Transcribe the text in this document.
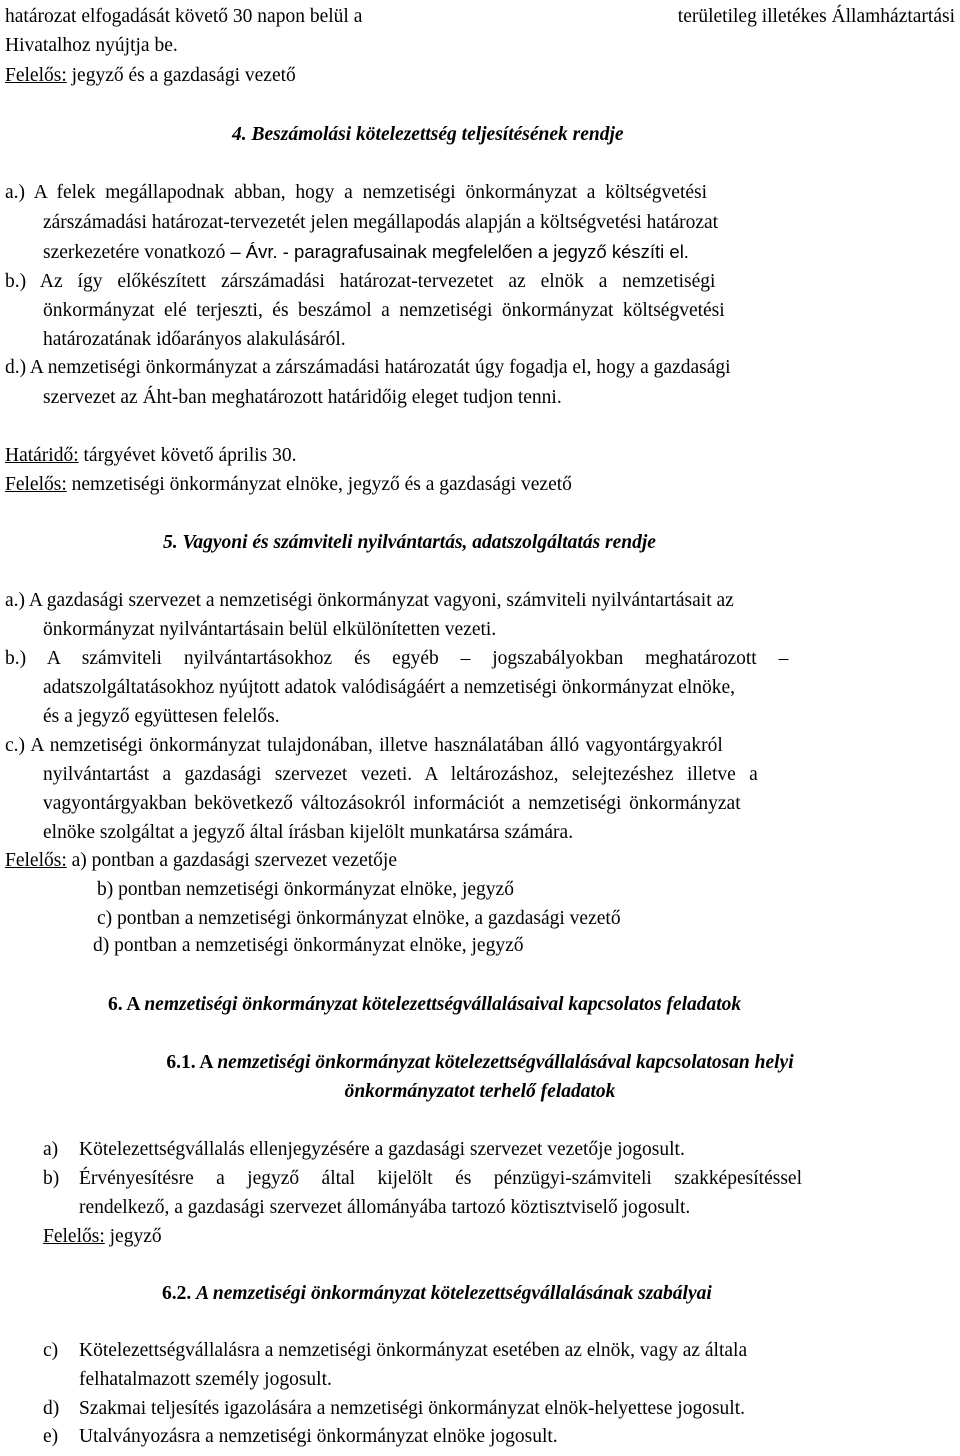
határozat elfogadását követő 30 napon belül a	területileg illetékes Államháztartási
Hivatalhoz nyújtja be.
Felelős: jegyző és a gazdasági vezető
4. Beszámolási kötelezettség teljesítésének rendje
a.) A felek megállapodnak abban, hogy a nemzetiségi önkormányzat a költségvetési
zárszámadási határozat-tervezetét jelen megállapodás alapján a költségvetési határozat
szerkezetére vonatkozó – Ávr. - paragrafusainak megfelelően a jegyző készíti el.
b.) Az így előkészített zárszámadási határozat-tervezetet az elnök a nemzetiségi
önkormányzat elé terjeszti, és beszámol a nemzetiségi önkormányzat költségvetési
határozatának időarányos alakulásáról.
d.) A nemzetiségi önkormányzat a zárszámadási határozatát úgy fogadja el, hogy a gazdasági
szervezet az Áht-ban meghatározott határidőig eleget tudjon tenni.
Határidő: tárgyévet követő április 30.
Felelős: nemzetiségi önkormányzat elnöke, jegyző és a gazdasági vezető
5. Vagyoni és számviteli nyilvántartás, adatszolgáltatás rendje
a.) A gazdasági szervezet a nemzetiségi önkormányzat vagyoni, számviteli nyilvántartásait az
önkormányzat nyilvántartásain belül elkülönítetten vezeti.
b.) A számviteli nyilvántartásokhoz és egyéb – jogszabályokban meghatározott –
adatszolgáltatásokhoz nyújtott adatok valódiságáért a nemzetiségi önkormányzat elnöke,
és a jegyző együttesen felelős.
c.) A nemzetiségi önkormányzat tulajdonában, illetve használatában álló vagyontárgyakról
nyilvántartást a gazdasági szervezet vezeti. A leltározáshoz, selejtezéshez illetve a
vagyontárgyakban bekövetkező változásokról információt a nemzetiségi önkormányzat
elnöke szolgáltat a jegyző által írásban kijelölt munkatársa számára.
Felelős: a) pontban a gazdasági szervezet vezetője
b) pontban nemzetiségi önkormányzat elnöke, jegyző
c) pontban a nemzetiségi önkormányzat elnöke, a gazdasági vezető
d) pontban a nemzetiségi önkormányzat elnöke, jegyző
6. A nemzetiségi önkormányzat kötelezettségvállalásaival kapcsolatos feladatok
6.1. A nemzetiségi önkormányzat kötelezettségvállalásával kapcsolatosan helyi
önkormányzatot terhelő feladatok
a) Kötelezettségvállalás ellenjegyzésére a gazdasági szervezet vezetője jogosult.
b) Érvényesítésre a jegyző által kijelölt és pénzügyi-számviteli szakképesítéssel
rendelkező, a gazdasági szervezet állományába tartozó köztisztviselő jogosult.
Felelős: jegyző
6.2. A nemzetiségi önkormányzat kötelezettségvállalásának szabályai
c) Kötelezettségvállalásra a nemzetiségi önkormányzat esetében az elnök, vagy az általa
felhatalmazott személy jogosult.
d) Szakmai teljesítés igazolására a nemzetiségi önkormányzat elnök-helyettese jogosult.
e) Utalványozásra a nemzetiségi önkormányzat elnöke jogosult.
